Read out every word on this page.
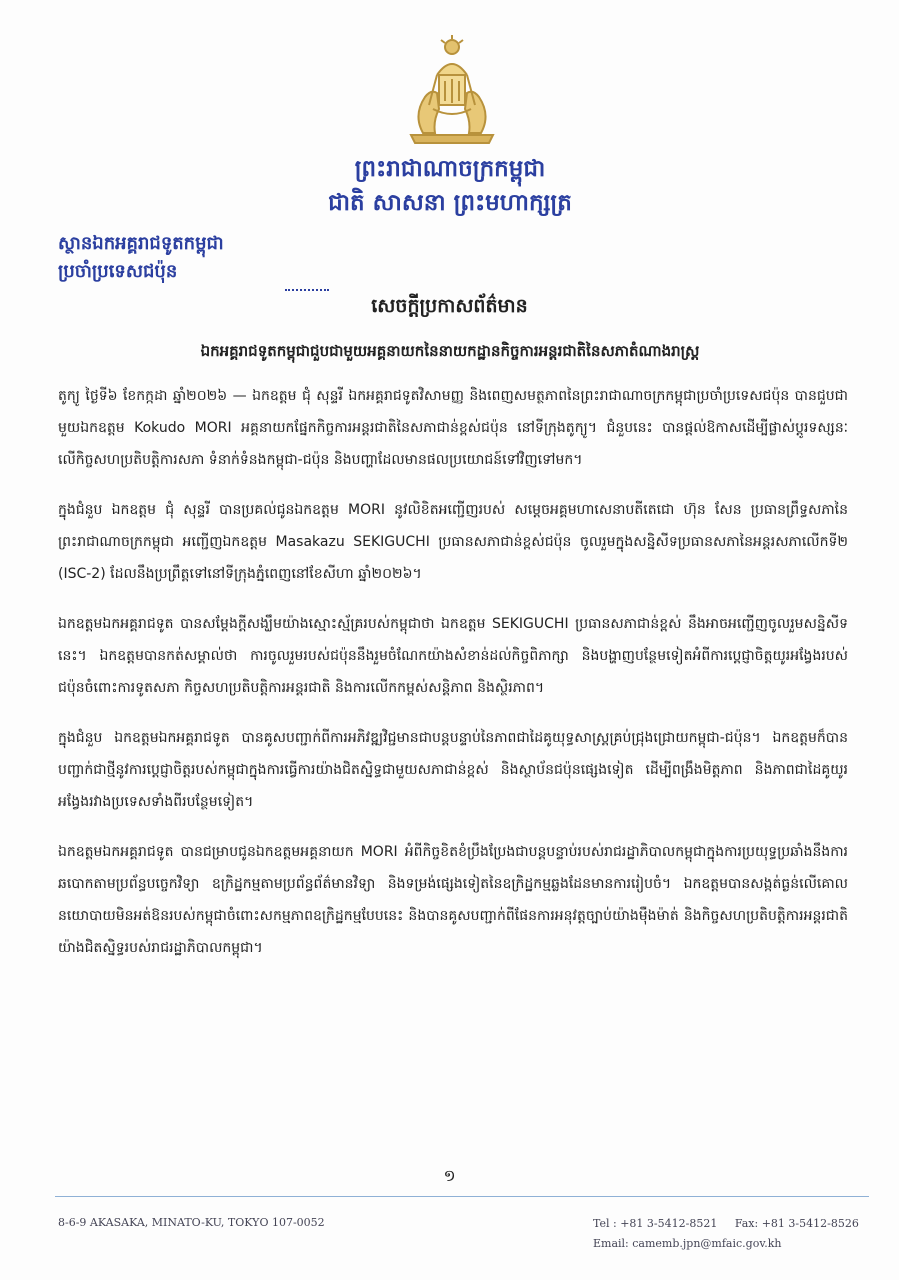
ព្រះរាជាណាចក្រកម្ពុជា
ជាតិ សាសនា ព្រះមហាក្សត្រ
ស្ថានឯកអគ្គរាជទូតកម្ពុជា
ប្រចាំប្រទេសជប៉ុន
សេចក្តីប្រកាសព័ត៌មាន
ឯកអគ្គរាជទូតកម្ពុជាជួបជាមួយអគ្គនាយកនៃនាយកដ្ឋានកិច្ចការអន្តរជាតិនៃសភាតំណាងរាស្ត្រ

តូក្យូ ថ្ងៃទី៦ ខែកក្កដា ឆ្នាំ២០២៦ — ឯកឧត្តម ជុំ សុន្ទរី ឯកអគ្គរាជទូតវិសាមញ្ញ និងពេញសមត្ថភាពនៃព្រះរាជាណាចក្រកម្ពុជាប្រចាំប្រទេសជប៉ុន បានជួបជាមួយឯកឧត្តម Kokudo MORI អគ្គនាយកផ្នែកកិច្ចការអន្តរជាតិនៃសភាជាន់ខ្ពស់ជប៉ុន នៅទីក្រុងតូក្យូ។ ជំនួបនេះ បានផ្តល់ឱកាសដើម្បីផ្លាស់ប្តូរទស្សនៈលើកិច្ចសហប្រតិបត្តិការសភា ទំនាក់ទំនងកម្ពុជា-ជប៉ុន និងបញ្ហាដែលមានផលប្រយោជន៍ទៅវិញទៅមក។

ក្នុងជំនួប ឯកឧត្តម ជុំ សុន្ទរី បានប្រគល់ជូនឯកឧត្តម MORI នូវលិខិតអញ្ជើញរបស់ សម្តេចអគ្គមហាសេនាបតីតេជោ ហ៊ុន សែន ប្រធានព្រឹទ្ធសភានៃព្រះរាជាណាចក្រកម្ពុជា អញ្ជើញឯកឧត្តម Masakazu SEKIGUCHI ប្រធានសភាជាន់ខ្ពស់ជប៉ុន ចូលរួមក្នុងសន្និសីទប្រធានសភានៃអន្តរសភាលើកទី២ (ISC-2) ដែលនឹងប្រព្រឹត្តទៅនៅទីក្រុងភ្នំពេញនៅខែសីហា ឆ្នាំ២០២៦។

ឯកឧត្តមឯកអគ្គរាជទូត បានសម្តែងក្តីសង្ឃឹមយ៉ាងស្មោះស្ម័គ្ររបស់កម្ពុជាថា ឯកឧត្តម SEKIGUCHI ប្រធានសភាជាន់ខ្ពស់ នឹងអាចអញ្ជើញចូលរួមសន្និសីទនេះ។ ឯកឧត្តមបានកត់សម្គាល់ថា ការចូលរួមរបស់ជប៉ុននឹងរួមចំណែកយ៉ាងសំខាន់ដល់កិច្ចពិភាក្សា និងបង្ហាញបន្ថែមទៀតអំពីការប្តេជ្ញាចិត្តយូរអង្វែងរបស់ជប៉ុនចំពោះការទូតសភា កិច្ចសហប្រតិបត្តិការអន្តរជាតិ និងការលើកកម្ពស់សន្តិភាព និងស្ថិរភាព។

ក្នុងជំនួប ឯកឧត្តមឯកអគ្គរាជទូត បានគូសបញ្ជាក់ពីការអភិវឌ្ឍវិជ្ជមានជាបន្តបន្ទាប់នៃភាពជាដៃគូយុទ្ធសាស្ត្រគ្រប់ជ្រុងជ្រោយកម្ពុជា-ជប៉ុន។ ឯកឧត្តមក៏បានបញ្ជាក់ជាថ្មីនូវការប្តេជ្ញាចិត្តរបស់កម្ពុជាក្នុងការធ្វើការយ៉ាងជិតស្និទ្ធជាមួយសភាជាន់ខ្ពស់ និងស្ថាប័នជប៉ុនផ្សេងទៀត ដើម្បីពង្រឹងមិត្តភាព និងភាពជាដៃគូយូរអង្វែងរវាងប្រទេសទាំងពីរបន្ថែមទៀត។

ឯកឧត្តមឯកអគ្គរាជទូត បានជម្រាបជូនឯកឧត្តមអគ្គនាយក MORI អំពីកិច្ចខិតខំប្រឹងប្រែងជាបន្តបន្ទាប់របស់រាជរដ្ឋាភិបាលកម្ពុជាក្នុងការប្រយុទ្ធប្រឆាំងនឹងការឆបោកតាមប្រព័ន្ធបច្ចេកវិទ្យា ឧក្រិដ្ឋកម្មតាមប្រព័ន្ធព័ត៌មានវិទ្យា និងទម្រង់ផ្សេងទៀតនៃឧក្រិដ្ឋកម្មឆ្លងដែនមានការរៀបចំ។ ឯកឧត្តមបានសង្កត់ធ្ងន់លើគោលនយោបាយមិនអត់ឱនរបស់កម្ពុជាចំពោះសកម្មភាពឧក្រិដ្ឋកម្មបែបនេះ និងបានគូសបញ្ជាក់ពីផែនការអនុវត្តច្បាប់យ៉ាងម៉ឺងម៉ាត់ និងកិច្ចសហប្រតិបត្តិការអន្តរជាតិយ៉ាងជិតស្និទ្ធរបស់រាជរដ្ឋាភិបាលកម្ពុជា។

១
8-6-9 AKASAKA, MINATO-KU, TOKYO 107-0052	Tel : +81 3-5412-8521 Fax: +81 3-5412-8526
Email: camemb.jpn@mfaic.gov.kh
